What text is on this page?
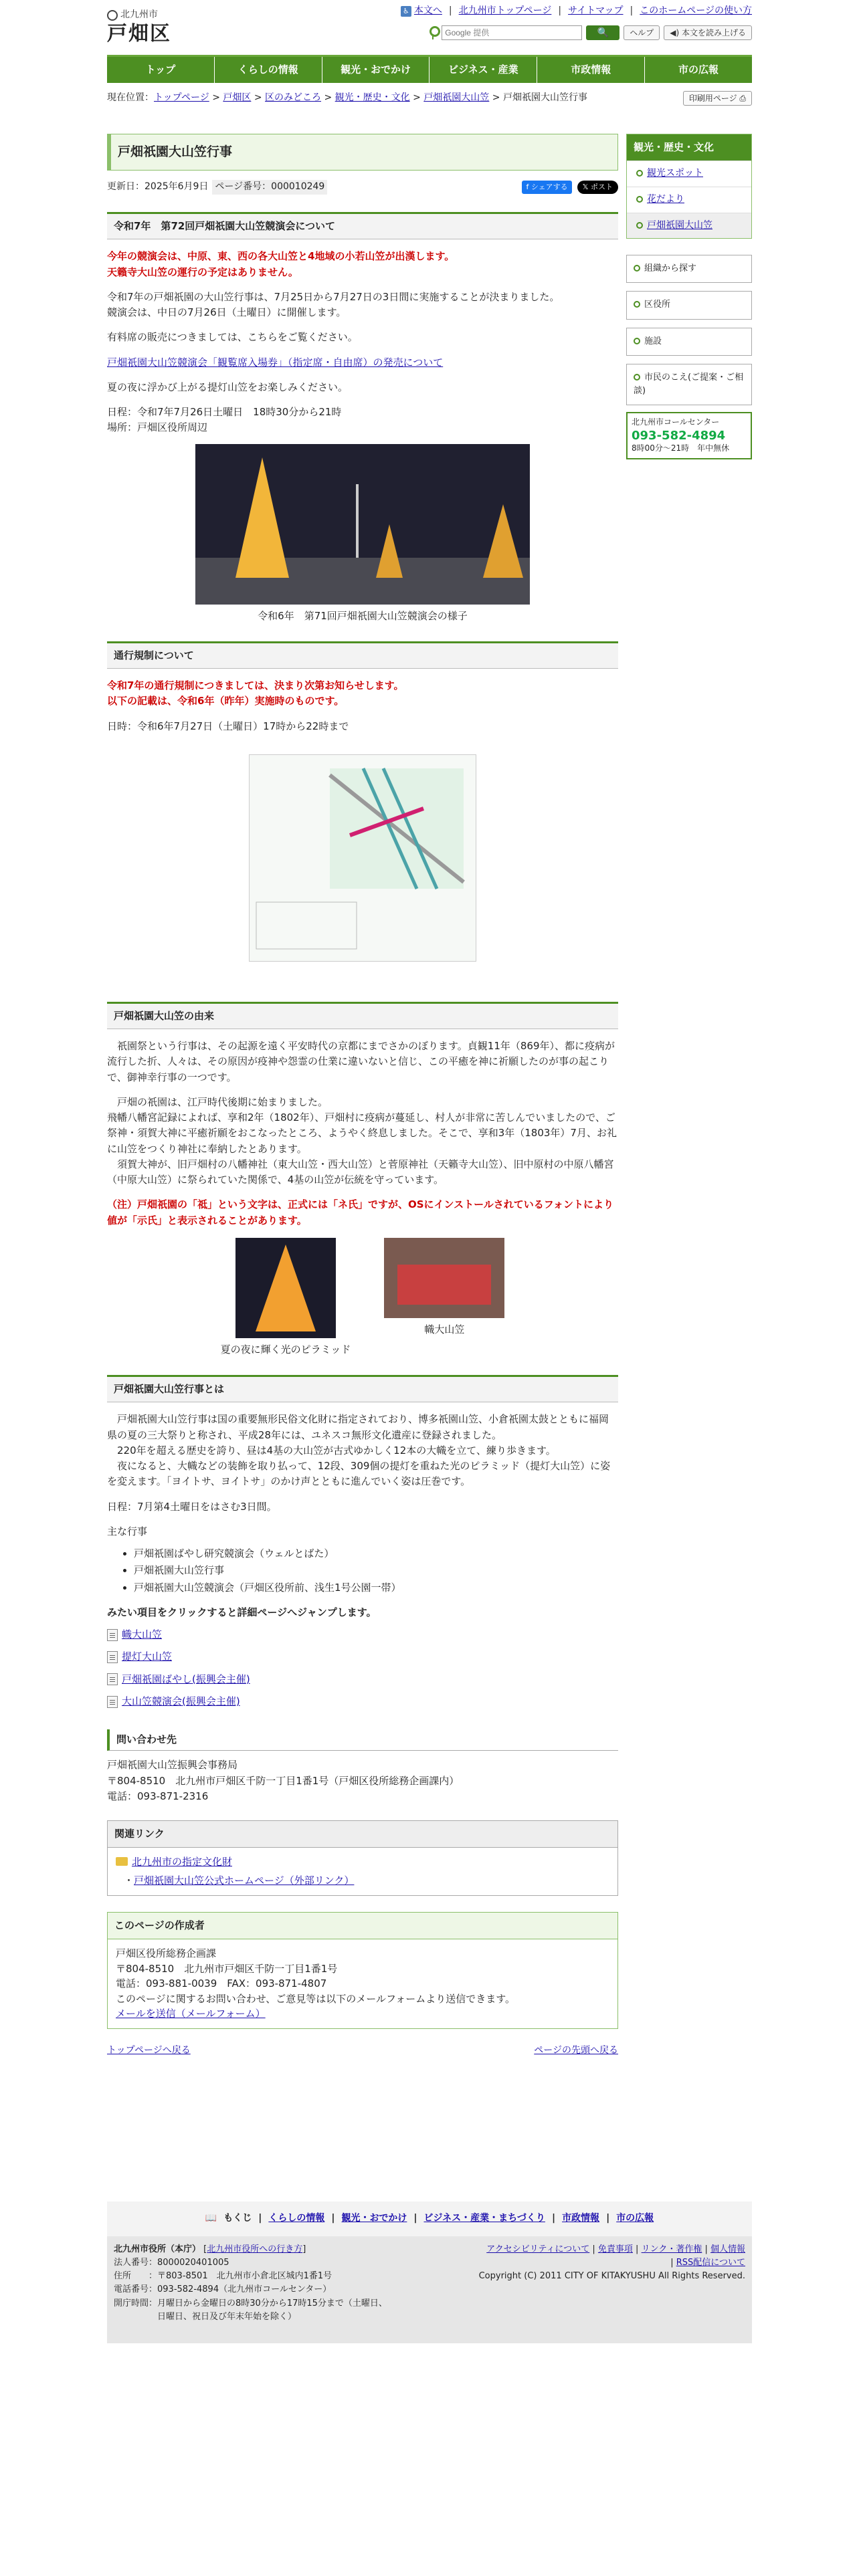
北九州市
戸畑区
♿ 本文へ | 北九州市トップページ | サイトマップ | このホームページの使い方
Google 提供
🔍	ヘルプ	◀) 本文を読み上げる
トップ	くらしの情報	観光・おでかけ	ビジネス・産業	市政情報	市の広報
現在位置：トップページ > 戸畑区 > 区のみどころ > 観光・歴史・文化 > 戸畑祇園大山笠 > 戸畑祇園大山笠行事	印刷用ページ ⎙
戸畑祇園大山笠行事
更新日：2025年6月9日 ページ番号：000010249	f シェアする	𝕏 ポスト
令和7年　第72回戸畑祇園大山笠競演会について

今年の競演会は、中原、東、西の各大山笠と4地域の小若山笠が出漢します。
天籟寺大山笠の運行の予定はありません。

令和7年の戸畑祇園の大山笠行事は、7月25日から7月27日の3日間に実施することが決まりました。
競演会は、中日の7月26日（土曜日）に開催します。

有料席の販売につきましては、こちらをご覧ください。

戸畑祇園大山笠競演会「観覧席入場券」（指定席・自由席）の発売について

夏の夜に浮かび上がる提灯山笠をお楽しみください。

日程：令和7年7月26日土曜日　18時30分から21時
場所：戸畑区役所周辺

令和6年　第71回戸畑祇園大山笠競演会の様子
通行規制について

令和7年の通行規制につきましては、決まり次第お知らせします。
以下の記載は、令和6年（昨年）実施時のものです。

日時：令和6年7月27日（土曜日）17時から22時まで

戸畑祇園大山笠の由来

　祇園祭という行事は、その起源を遠く平安時代の京都にまでさかのぼります。貞観11年（869年）、都に疫病が流行した折、人々は、その原因が疫神や怨霊の仕業に違いないと信じ、この平癒を神に祈願したのが事の起こりで、御神幸行事の一つです。

　戸畑の祇園は、江戸時代後期に始まりました。
飛幡八幡宮記録によれば、享和2年（1802年）、戸畑村に疫病が蔓延し、村人が非常に苦しんでいましたので、ご祭神・須賀大神に平癒祈願をおこなったところ、ようやく終息しました。そこで、享和3年（1803年）7月、お礼に山笠をつくり神社に奉納したとあります。
　須賀大神が、旧戸畑村の八幡神社（東大山笠・西大山笠）と菅原神社（天籟寺大山笠）、旧中原村の中原八幡宮（中原大山笠）に祭られていた関係で、4基の山笠が伝統を守っています。

（注）戸畑祇園の「祗」という文字は、正式には「ネ氏」ですが、OSにインストールされているフォントにより値が「示氏」と表示されることがあります。

夏の夜に輝く光のピラミッド
幟大山笠
戸畑祇園大山笠行事とは

　戸畑祇園大山笠行事は国の重要無形民俗文化財に指定されており、博多祇園山笠、小倉祇園太鼓とともに福岡県の夏の三大祭りと称され、平成28年には、ユネスコ無形文化遺産に登録されました。
　220年を超える歴史を誇り、昼は4基の大山笠が古式ゆかしく12本の大幟を立て、練り歩きます。
　夜になると、大幟などの装飾を取り払って、12段、309個の提灯を重ねた光のピラミッド（提灯大山笠）に姿を変えます。「ヨイトサ、ヨイトサ」のかけ声とともに進んでいく姿は圧巻です。

日程：7月第4土曜日をはさむ3日間。

主な行事

• 戸畑祇園ばやし研究競演会（ウェルとばた）
• 戸畑祇園大山笠行事
• 戸畑祇園大山笠競演会（戸畑区役所前、浅生1号公園一帯）

みたい項目をクリックすると詳細ページへジャンプします。

幟大山笠
提灯大山笠
戸畑祇園ばやし(振興会主催)
大山笠競演会(振興会主催)
問い合わせ先

戸畑祇園大山笠振興会事務局
〒804-8510　北九州市戸畑区千防一丁目1番1号（戸畑区役所総務企画課内）
電話：093-871-2316

関連リンク
北九州市の指定文化財
・戸畑祇園大山笠公式ホームページ（外部リンク）
このページの作成者
戸畑区役所総務企画課
〒804-8510　北九州市戸畑区千防一丁目1番1号
電話：093-881-0039　FAX：093-871-4807
このページに関するお問い合わせ、ご意見等は以下のメールフォームより送信できます。
メールを送信（メールフォーム）
トップページへ戻る	ページの先頭へ戻る
観光・歴史・文化
観光スポット
花だより
戸畑祇園大山笠
組織から探す
区役所
施設
市民のこえ(ご提案・ご相談)
北九州市コールセンター
093-582-4894
8時00分〜21時　年中無休
📖 もくじ | くらしの情報 | 観光・おでかけ | ビジネス・産業・まちづくり | 市政情報 | 市の広報
北九州市役所（本庁） [北九州市役所への行き方]
法人番号：8000020401005
住所　　：〒803-8501　北九州市小倉北区城内1番1号
電話番号：093-582-4894（北九州市コールセンター）
開庁時間：月曜日から金曜日の8時30分から17時15分まで（土曜日、
　　　　　日曜日、祝日及び年末年始を除く）
アクセシビリティについて | 免責事項 | リンク・著作権 | 個人情報
| RSS配信について
Copyright (C) 2011 CITY OF KITAKYUSHU All Rights Reserved.
